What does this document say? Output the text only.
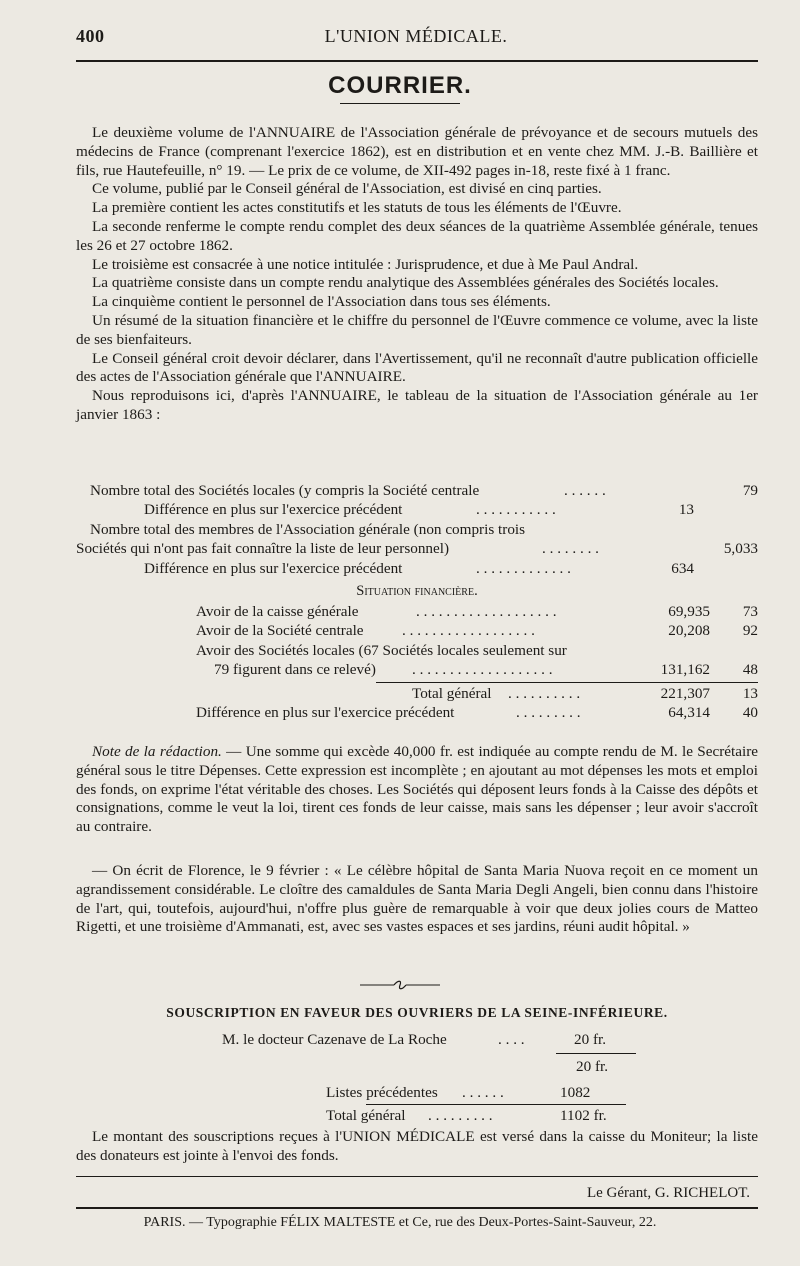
400	L'UNION MÉDICALE.
COURRIER.

Le deuxième volume de l'ANNUAIRE de l'Association générale de prévoyance et de secours mutuels des médecins de France (comprenant l'exercice 1862), est en distribution et en vente chez MM. J.-B. Baillière et fils, rue Hautefeuille, n° 19. — Le prix de ce volume, de XII-492 pages in-18, reste fixé à 1 franc.

Ce volume, publié par le Conseil général de l'Association, est divisé en cinq parties.

La première contient les actes constitutifs et les statuts de tous les éléments de l'Œuvre.

La seconde renferme le compte rendu complet des deux séances de la quatrième Assemblée générale, tenues les 26 et 27 octobre 1862.

Le troisième est consacrée à une notice intitulée : Jurisprudence, et due à Me Paul Andral.

La quatrième consiste dans un compte rendu analytique des Assemblées générales des Sociétés locales.

La cinquième contient le personnel de l'Association dans tous ses éléments.

Un résumé de la situation financière et le chiffre du personnel de l'Œuvre commence ce volume, avec la liste de ses bienfaiteurs.

Le Conseil général croit devoir déclarer, dans l'Avertissement, qu'il ne reconnaît d'autre publication officielle des actes de l'Association générale que l'ANNUAIRE.

Nous reproduisons ici, d'après l'ANNUAIRE, le tableau de la situation de l'Association générale au 1er janvier 1863 :

Nombre total des Sociétés locales (y compris la Société centrale	. . . . . .	79
Différence en plus sur l'exercice précédent	. . . . . . . . . . .	13
Nombre total des membres de l'Association générale (non compris trois
Sociétés qui n'ont pas fait connaître la liste de leur personnel)	. . . . . . . .	5,033
Différence en plus sur l'exercice précédent	. . . . . . . . . . . . .	634
Situation financière.
Avoir de la caisse générale	. . . . . . . . . . . . . . . . . . .	69,935	73
Avoir de la Société centrale	. . . . . . . . . . . . . . . . . .	20,208	92
Avoir des Sociétés locales (67 Sociétés locales seulement sur
79 figurent dans ce relevé) . . . . . . . . . . . . . . . . . . .	131,162	48
Total général . . . . . . . . . .	221,307	13
Différence en plus sur l'exercice précédent	. . . . . . . . .	64,314	40

Note de la rédaction. — Une somme qui excède 40,000 fr. est indiquée au compte rendu de M. le Secrétaire général sous le titre Dépenses. Cette expression est incomplète ; en ajoutant au mot dépenses les mots et emploi des fonds, on exprime l'état véritable des choses. Les Sociétés qui déposent leurs fonds à la Caisse des dépôts et consignations, comme le veut la loi, tirent ces fonds de leur caisse, mais sans les dépenser ; leur avoir s'accroît au contraire.

— On écrit de Florence, le 9 février : « Le célèbre hôpital de Santa Maria Nuova reçoit en ce moment un agrandissement considérable. Le cloître des camaldules de Santa Maria Degli Angeli, bien connu dans l'histoire de l'art, qui, toutefois, aujourd'hui, n'offre plus guère de remarquable à voir que deux jolies cours de Matteo Rigetti, et une troisième d'Ammanati, est, avec ses vastes espaces et ses jardins, réuni audit hôpital. »

SOUSCRIPTION EN FAVEUR DES OUVRIERS DE LA SEINE-INFÉRIEURE.
M. le docteur Cazenave de La Roche	. . . .	20 fr.
20 fr.
Listes précédentes . . . . . .	1082
Total général . . . . . . . . .	1102 fr.

Le montant des souscriptions reçues à l'UNION MÉDICALE est versé dans la caisse du Moniteur; la liste des donateurs est jointe à l'envoi des fonds.

Le Gérant, G. RICHELOT.
PARIS. — Typographie FÉLIX MALTESTE et Ce, rue des Deux-Portes-Saint-Sauveur, 22.
